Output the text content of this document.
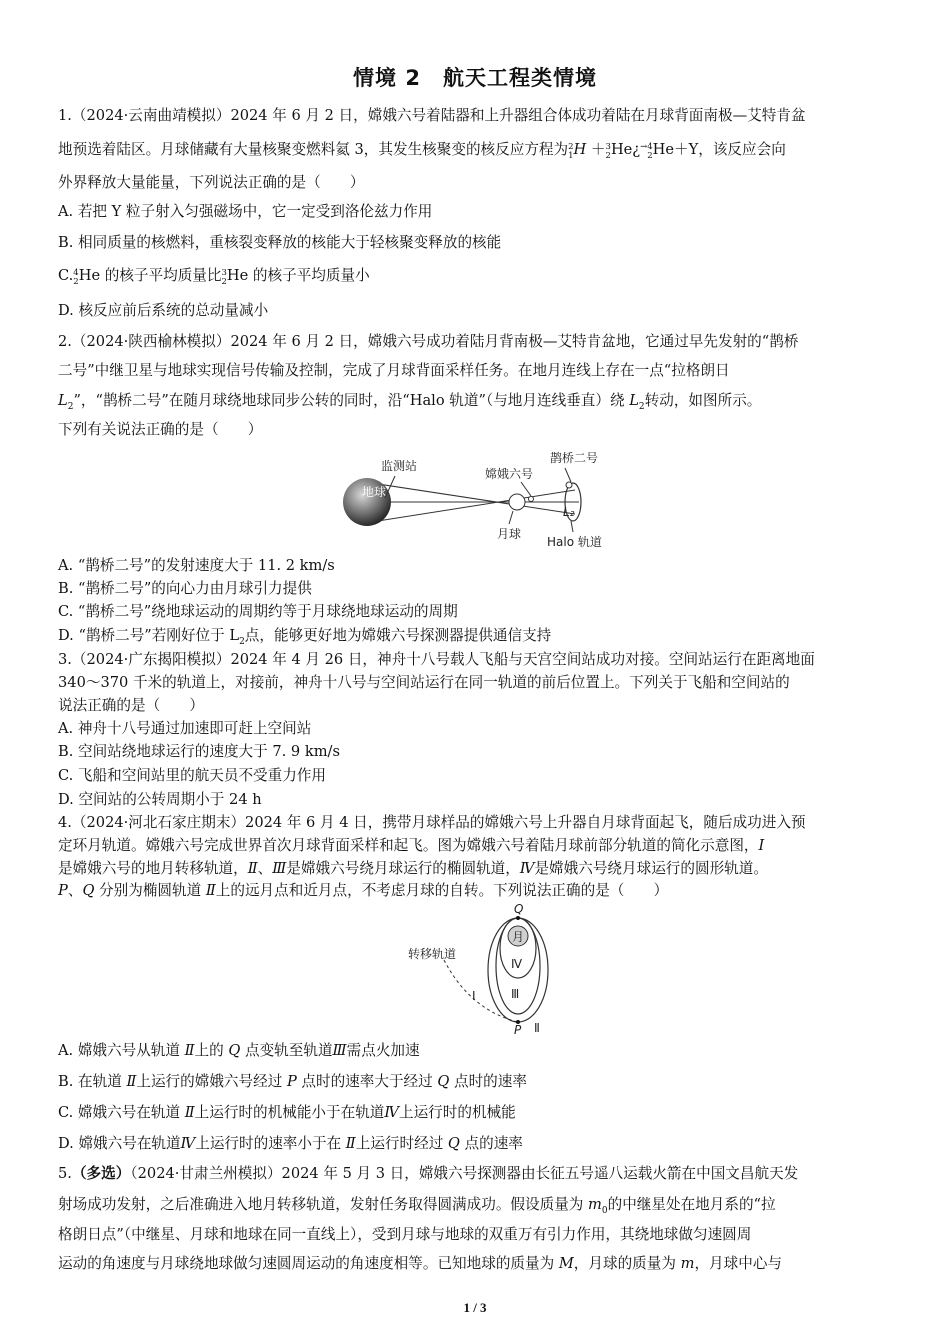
情境 2　航天工程类情境
1.（2024·云南曲靖模拟）2024 年 6 月 2 日，嫦娥六号着陆器和上升器组合体成功着陆在月球背面南极—艾特肯盆
地预选着陆区。月球储藏有大量核聚变燃料氦 3，其发生核聚变的核反应方程为 2
1 H ＋ 3
2 He¿ →4
2 He＋Y，该反应会向
外界释放大量能量，下列说法正确的是（　　）
A. 若把 Y 粒子射入匀强磁场中，它一定受到洛伦兹力作用
B. 相同质量的核燃料，重核裂变释放的核能大于轻核聚变释放的核能
C. 4
2 He 的核子平均质量比 3
2 He 的核子平均质量小
D. 核反应前后系统的总动量减小
2.（2024·陕西榆林模拟）2024 年 6 月 2 日，嫦娥六号成功着陆月背南极—艾特肯盆地，它通过早先发射的“鹊桥
二号”中继卫星与地球实现信号传输及控制，完成了月球背面采样任务。在地月连线上存在一点“拉格朗日
$L_2$”，“鹊桥二号”在随月球绕地球同步公转的同时，沿“Halo 轨道”（与地月连线垂直）绕 $L_2$转动，如图所示。
下列有关说法正确的是（　　）
地球
监测站
月球
嫦娥六号
鹊桥二号
L₂
Halo 轨道
A. “鹊桥二号”的发射速度大于 11. 2 km/s
B. “鹊桥二号”的向心力由月球引力提供
C. “鹊桥二号”绕地球运动的周期约等于月球绕地球运动的周期
D. “鹊桥二号”若刚好位于 $L_2$点，能够更好地为嫦娥六号探测器提供通信支持
3.（2024·广东揭阳模拟）2024 年 4 月 26 日，神舟十八号载人飞船与天宫空间站成功对接。空间站运行在距离地面
340～370 千米的轨道上，对接前，神舟十八号与空间站运行在同一轨道的前后位置上。下列关于飞船和空间站的
说法正确的是（　　）
A. 神舟十八号通过加速即可赶上空间站
B. 空间站绕地球运行的速度大于 7. 9 km/s
C. 飞船和空间站里的航天员不受重力作用
D. 空间站的公转周期小于 24 h
4.（2024·河北石家庄期末）2024 年 6 月 4 日，携带月球样品的嫦娥六号上升器自月球背面起飞，随后成功进入预
定环月轨道。嫦娥六号完成世界首次月球背面采样和起飞。图为嫦娥六号着陆月球前部分轨道的简化示意图，Ⅰ
是嫦娥六号的地月转移轨道，Ⅱ、Ⅲ是嫦娥六号绕月球运行的椭圆轨道，Ⅳ是嫦娥六号绕月球运行的圆形轨道。
P、Q 分别为椭圆轨道 Ⅱ上的远月点和近月点，不考虑月球的自转。下列说法正确的是（　　）
转移轨道
月
Q
P
Ⅰ
Ⅱ
Ⅲ
Ⅳ
A. 嫦娥六号从轨道 Ⅱ上的 Q 点变轨至轨道Ⅲ需点火加速
B. 在轨道 Ⅱ上运行的嫦娥六号经过 P 点时的速率大于经过 Q 点时的速率
C. 嫦娥六号在轨道 Ⅱ上运行时的机械能小于在轨道Ⅳ上运行时的机械能
D. 嫦娥六号在轨道Ⅳ上运行时的速率小于在 Ⅱ上运行时经过 Q 点的速率
5.（多选）（2024·甘肃兰州模拟）2024 年 5 月 3 日，嫦娥六号探测器由长征五号遥八运载火箭在中国文昌航天发
射场成功发射，之后准确进入地月转移轨道，发射任务取得圆满成功。假设质量为 $m_0$的中继星处在地月系的“拉
格朗日点”（中继星、月球和地球在同一直线上），受到月球与地球的双重万有引力作用，其绕地球做匀速圆周
运动的角速度与月球绕地球做匀速圆周运动的角速度相等。已知地球的质量为 M，月球的质量为 m，月球中心与
1 / 3
